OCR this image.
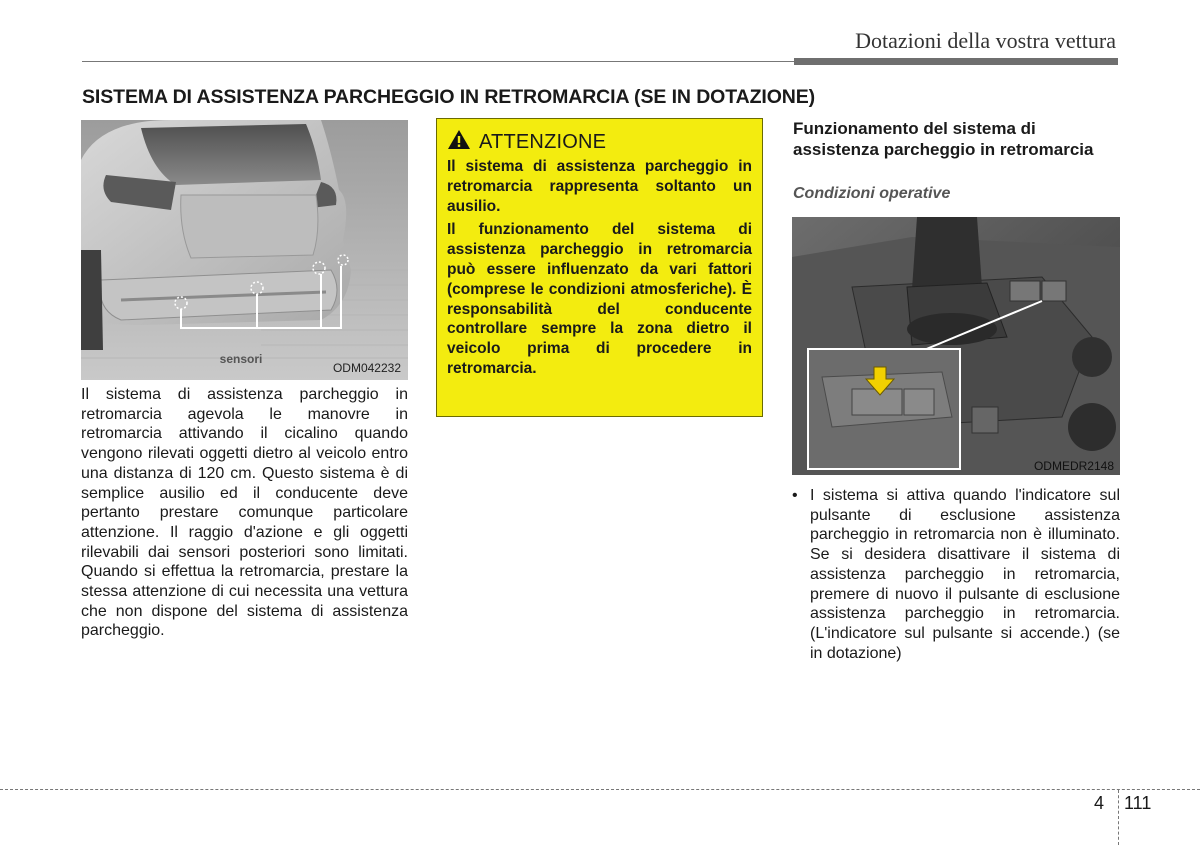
Dotazioni della vostra vettura
SISTEMA DI ASSISTENZA PARCHEGGIO IN RETROMARCIA (SE IN DOTAZIONE)
sensori
ODM042232
Il sistema di assistenza parcheggio in retromarcia agevola le manovre in retromarcia attivando il cicalino quando vengono rilevati oggetti dietro al veicolo entro una distanza di 120 cm. Questo sistema è di semplice ausilio ed il conducente deve pertanto prestare comunque particolare attenzione. Il raggio d'azione e gli oggetti rilevabili dai sensori posteriori sono limitati. Quando si effettua la retromarcia, prestare la stessa attenzione di cui necessita una vettura che non dispone del sistema di assistenza parcheggio.
ATTENZIONE

Il sistema di assistenza parcheggio in retromarcia rappresenta soltanto un ausilio.

Il funzionamento del sistema di assistenza parcheggio in retromarcia può essere influenzato da vari fattori (comprese le condizioni atmosferiche). È responsabilità del conducente controllare sempre la zona dietro il veicolo prima di procedere in retromarcia.

Funzionamento del sistema di assistenza parcheggio in retromarcia
Condizioni operative
ODMEDR2148
• I sistema si attiva quando l'indicatore sul pulsante di esclusione assistenza parcheggio in retromarcia non è illuminato. Se si desidera disattivare il sistema di assistenza parcheggio in retromarcia, premere di nuovo il pulsante di esclusione assistenza parcheggio in retromarcia. (L'indicatore sul pulsante si accende.) (se in dotazione)
4 111
